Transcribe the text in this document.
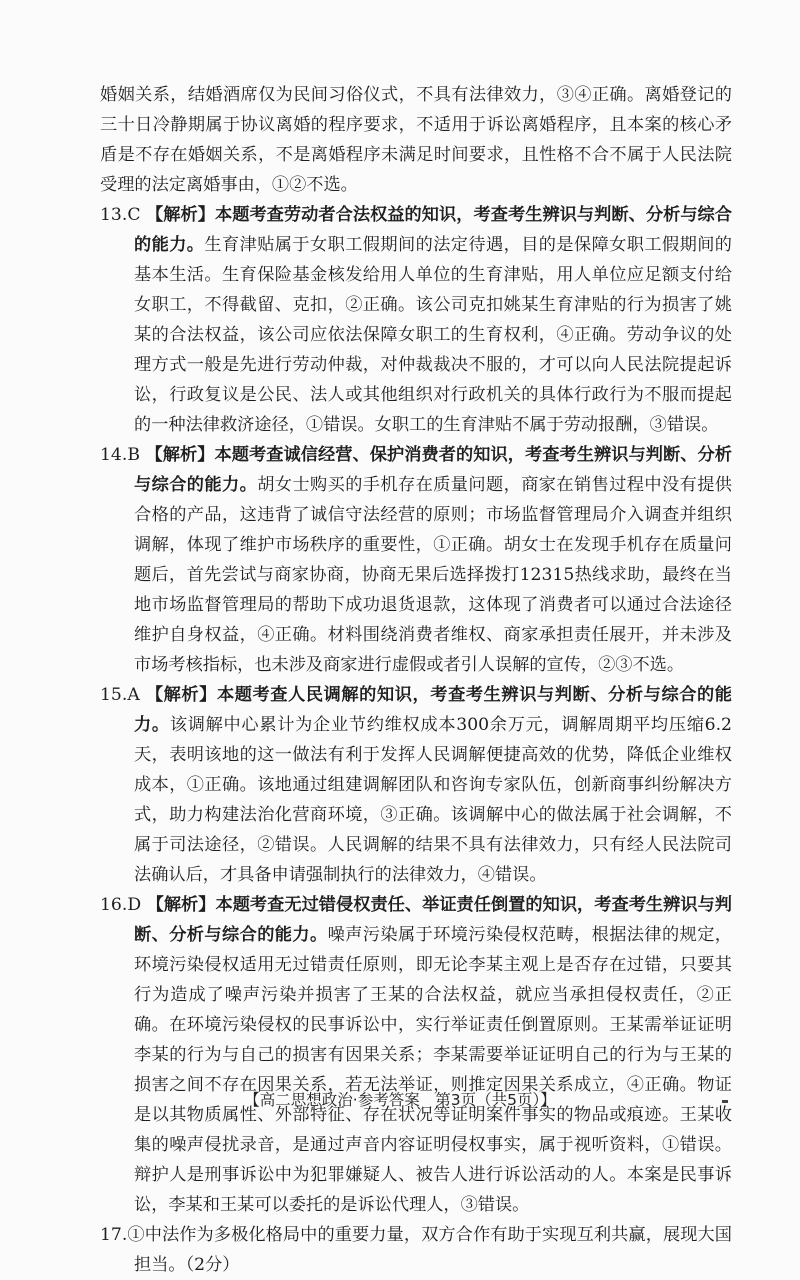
婚姻关系，结婚酒席仅为民间习俗仪式，不具有法律效力，③④正确。离婚登记的三十日冷静期属于协议离婚的程序要求，不适用于诉讼离婚程序，且本案的核心矛盾是不存在婚姻关系，不是离婚程序未满足时间要求，且性格不合不属于人民法院受理的法定离婚事由，①②不选。

13.C 【解析】本题考查劳动者合法权益的知识，考查考生辨识与判断、分析与综合的能力。生育津贴属于女职工假期间的法定待遇，目的是保障女职工假期间的基本生活。生育保险基金核发给用人单位的生育津贴，用人单位应足额支付给女职工，不得截留、克扣，②正确。该公司克扣姚某生育津贴的行为损害了姚某的合法权益，该公司应依法保障女职工的生育权利，④正确。劳动争议的处理方式一般是先进行劳动仲裁，对仲裁裁决不服的，才可以向人民法院提起诉讼，行政复议是公民、法人或其他组织对行政机关的具体行政行为不服而提起的一种法律救济途径，①错误。女职工的生育津贴不属于劳动报酬，③错误。

14.B 【解析】本题考查诚信经营、保护消费者的知识，考查考生辨识与判断、分析与综合的能力。胡女士购买的手机存在质量问题，商家在销售过程中没有提供合格的产品，这违背了诚信守法经营的原则；市场监督管理局介入调查并组织调解，体现了维护市场秩序的重要性，①正确。胡女士在发现手机存在质量问题后，首先尝试与商家协商，协商无果后选择拨打12315热线求助，最终在当地市场监督管理局的帮助下成功退货退款，这体现了消费者可以通过合法途径维护自身权益，④正确。材料围绕消费者维权、商家承担责任展开，并未涉及市场考核指标，也未涉及商家进行虚假或者引人误解的宣传，②③不选。

15.A 【解析】本题考查人民调解的知识，考查考生辨识与判断、分析与综合的能力。该调解中心累计为企业节约维权成本300余万元，调解周期平均压缩6.2天，表明该地的这一做法有利于发挥人民调解便捷高效的优势，降低企业维权成本，①正确。该地通过组建调解团队和咨询专家队伍，创新商事纠纷解决方式，助力构建法治化营商环境，③正确。该调解中心的做法属于社会调解，不属于司法途径，②错误。人民调解的结果不具有法律效力，只有经人民法院司法确认后，才具备申请强制执行的法律效力，④错误。

16.D 【解析】本题考查无过错侵权责任、举证责任倒置的知识，考查考生辨识与判断、分析与综合的能力。噪声污染属于环境污染侵权范畴，根据法律的规定，环境污染侵权适用无过错责任原则，即无论李某主观上是否存在过错，只要其行为造成了噪声污染并损害了王某的合法权益，就应当承担侵权责任，②正确。在环境污染侵权的民事诉讼中，实行举证责任倒置原则。王某需举证证明李某的行为与自己的损害有因果关系；李某需要举证证明自己的行为与王某的损害之间不存在因果关系，若无法举证，则推定因果关系成立，④正确。物证是以其物质属性、外部特征、存在状况等证明案件事实的物品或痕迹。王某收集的噪声侵扰录音，是通过声音内容证明侵权事实，属于视听资料，①错误。辩护人是刑事诉讼中为犯罪嫌疑人、被告人进行诉讼活动的人。本案是民事诉讼，李某和王某可以委托的是诉讼代理人，③错误。

17.①中法作为多极化格局中的重要力量，双方合作有助于实现互利共赢，展现大国担当。（2分）

【高二思想政治·参考答案　第3页（共5页）】
